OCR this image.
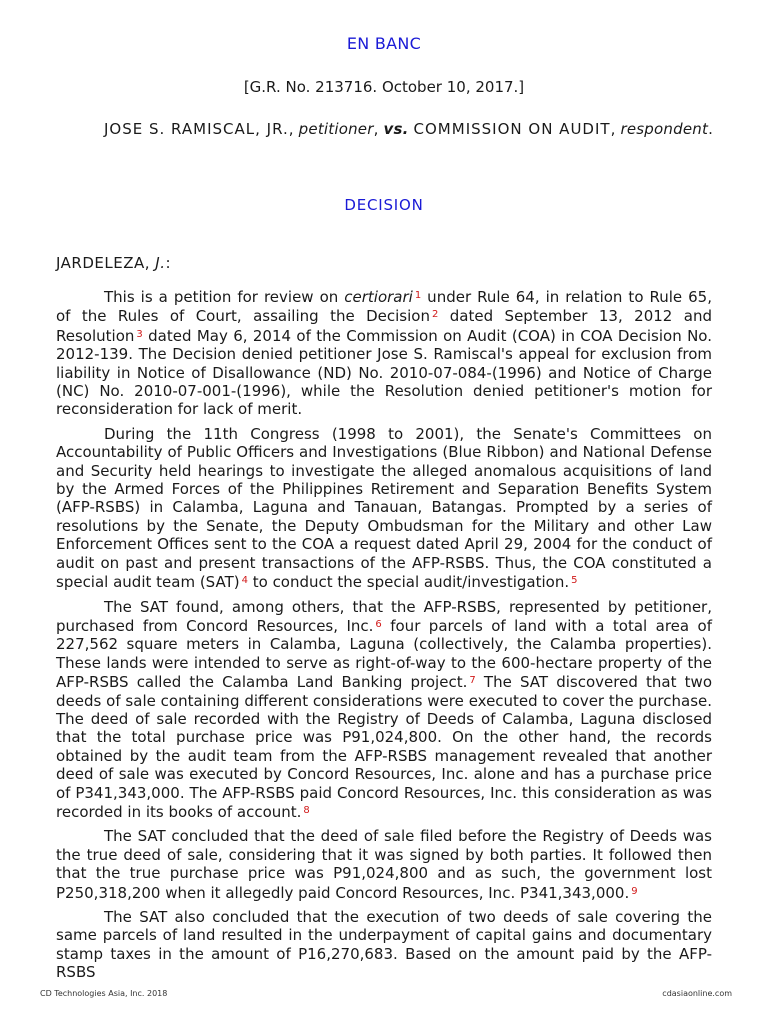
EN BANC
[G.R. No. 213716. October 10, 2017.]
JOSE S. RAMISCAL, JR., petitioner, vs. COMMISSION ON AUDIT, respondent.
DECISION
JARDELEZA, J.:

This is a petition for review on certiorari $^1$ under Rule 64, in relation to Rule 65, of the Rules of Court, assailing the Decision $^2$ dated September 13, 2012 and Resolution $^3$ dated May 6, 2014 of the Commission on Audit (COA) in COA Decision No. 2012-139. The Decision denied petitioner Jose S. Ramiscal's appeal for exclusion from liability in Notice of Disallowance (ND) No. 2010-07-084-(1996) and Notice of Charge (NC) No. 2010-07-001-(1996), while the Resolution denied petitioner's motion for reconsideration for lack of merit.

During the 11th Congress (1998 to 2001), the Senate's Committees on Accountability of Public Officers and Investigations (Blue Ribbon) and National Defense and Security held hearings to investigate the alleged anomalous acquisitions of land by the Armed Forces of the Philippines Retirement and Separation Benefits System (AFP-RSBS) in Calamba, Laguna and Tanauan, Batangas. Prompted by a series of resolutions by the Senate, the Deputy Ombudsman for the Military and other Law Enforcement Offices sent to the COA a request dated April 29, 2004 for the conduct of audit on past and present transactions of the AFP-RSBS. Thus, the COA constituted a special audit team (SAT) $^4$ to conduct the special audit/investigation. $^5$

The SAT found, among others, that the AFP-RSBS, represented by petitioner, purchased from Concord Resources, Inc. $^6$ four parcels of land with a total area of 227,562 square meters in Calamba, Laguna (collectively, the Calamba properties). These lands were intended to serve as right-of-way to the 600-hectare property of the AFP-RSBS called the Calamba Land Banking project. $^7$ The SAT discovered that two deeds of sale containing different considerations were executed to cover the purchase. The deed of sale recorded with the Registry of Deeds of Calamba, Laguna disclosed that the total purchase price was P91,024,800. On the other hand, the records obtained by the audit team from the AFP-RSBS management revealed that another deed of sale was executed by Concord Resources, Inc. alone and has a purchase price of P341,343,000. The AFP-RSBS paid Concord Resources, Inc. this consideration as was recorded in its books of account. $^8$

The SAT concluded that the deed of sale filed before the Registry of Deeds was the true deed of sale, considering that it was signed by both parties. It followed then that the true purchase price was P91,024,800 and as such, the government lost P250,318,200 when it allegedly paid Concord Resources, Inc. P341,343,000. $^9$

The SAT also concluded that the execution of two deeds of sale covering the same parcels of land resulted in the underpayment of capital gains and documentary stamp taxes in the amount of P16,270,683. Based on the amount paid by the AFP-RSBS

CD Technologies Asia, Inc. 2018	cdasiaonline.com
